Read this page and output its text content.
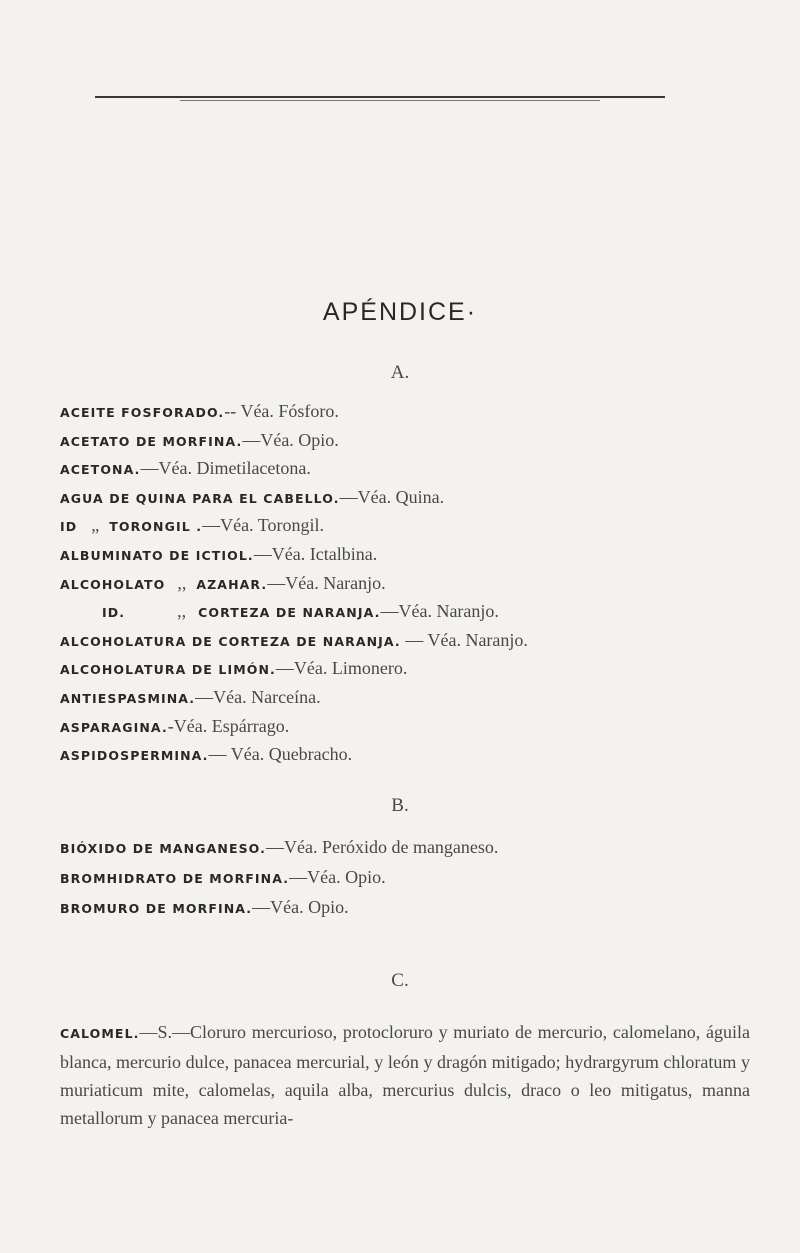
APÉNDICE·
A.

ACEITE FOSFORADO.-- Véa. Fósforo.

ACETATO DE MORFINA.—Véa. Opio.

ACETONA.—Véa. Dimetilacetona.

AGUA DE QUINA PARA EL CABELLO.—Véa. Quina.

ID „ TORONGIL .—Véa. Torongil.

ALBUMINATO DE ICTIOL.—Véa. Ictalbina.

ALCOHOLATO ,, AZAHAR.—Véa. Naranjo.

ID.	,, CORTEZA DE NARANJA.—Véa. Naranjo.

ALCOHOLATURA DE CORTEZA DE NARANJA. — Véa. Naranjo.

ALCOHOLATURA DE LIMÓN.—Véa. Limonero.

ANTIESPASMINA.—Véa. Narceína.

ASPARAGINA.-Véa. Espárrago.

ASPIDOSPERMINA.— Véa. Quebracho.

B.

BIÓXIDO DE MANGANESO.—Véa. Peróxido de manganeso.

BROMHIDRATO DE MORFINA.—Véa. Opio.

BROMURO DE MORFINA.—Véa. Opio.

C.
CALOMEL.—S.—Cloruro mercurioso, protocloruro y muriato de mercurio, calomelano, águila blanca, mercurio dulce, panacea mercurial, y león y dragón mitigado; hydrargyrum chloratum y muriaticum mite, calomelas, aquila alba, mercurius dulcis, draco o leo mitigatus, manna metallorum y panacea mercuria-
